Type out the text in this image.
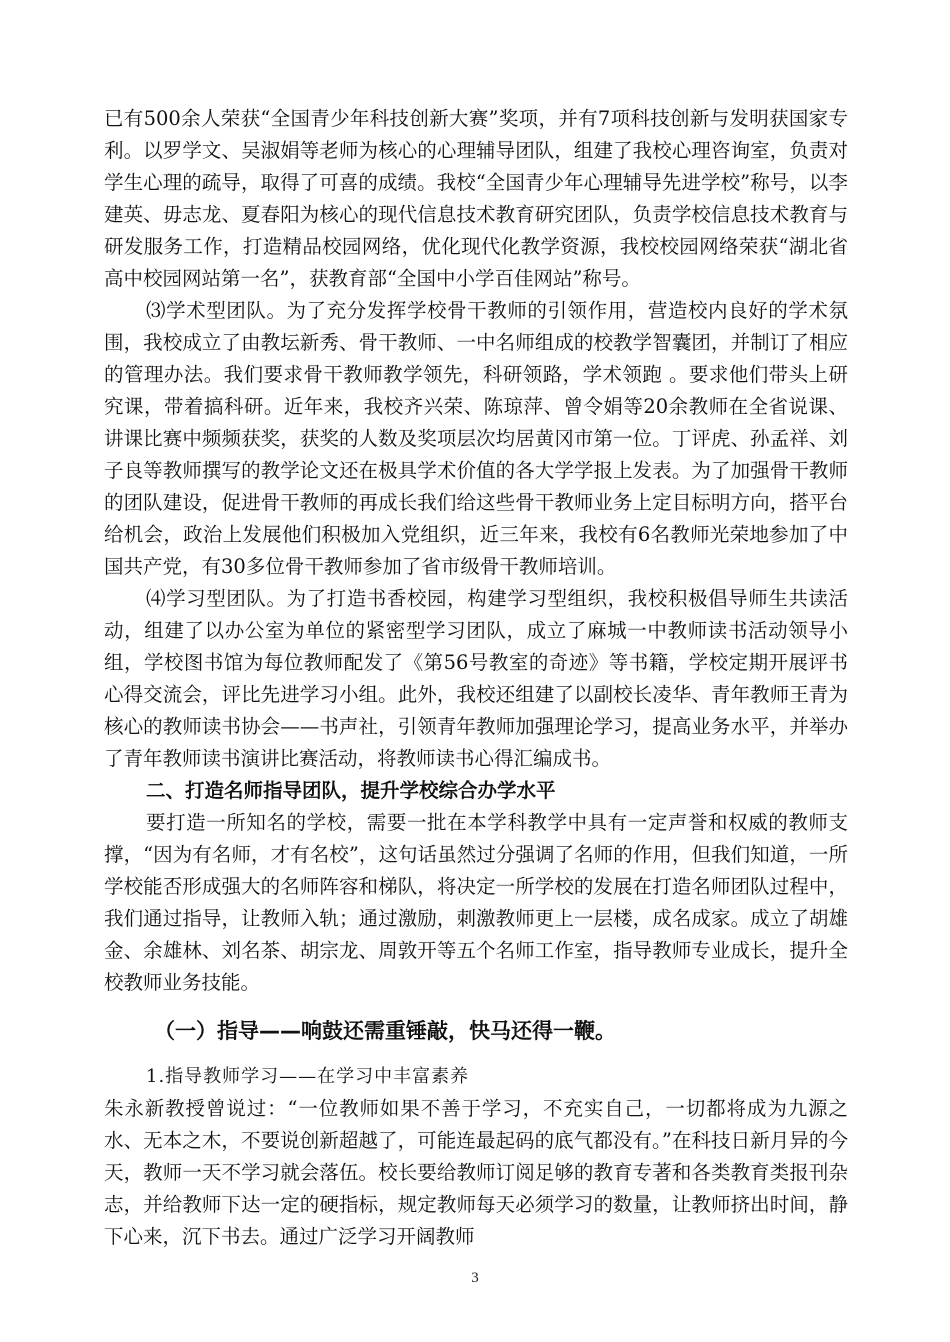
已有500余人荣获“全国青少年科技创新大赛”奖项，并有7项科技创新与发明获国家专利。以罗学文、吴淑娟等老师为核心的心理辅导团队，组建了我校心理咨询室，负责对学生心理的疏导，取得了可喜的成绩。我校“全国青少年心理辅导先进学校”称号，以李建英、毋志龙、夏春阳为核心的现代信息技术教育研究团队，负责学校信息技术教育与研发服务工作，打造精品校园网络，优化现代化教学资源，我校校园网络荣获“湖北省高中校园网站第一名”，获教育部“全国中小学百佳网站”称号。

⑶学术型团队。为了充分发挥学校骨干教师的引领作用，营造校内良好的学术氛围，我校成立了由教坛新秀、骨干教师、一中名师组成的校教学智囊团，并制订了相应的管理办法。我们要求骨干教师教学领先，科研领路，学术领跑 。要求他们带头上研究课，带着搞科研。近年来，我校齐兴荣、陈琼萍、曾令娟等20余教师在全省说课、讲课比赛中频频获奖，获奖的人数及奖项层次均居黄冈市第一位。丁评虎、孙孟祥、刘子良等教师撰写的教学论文还在极具学术价值的各大学学报上发表。为了加强骨干教师的团队建设，促进骨干教师的再成长我们给这些骨干教师业务上定目标明方向，搭平台给机会，政治上发展他们积极加入党组织，近三年来，我校有6名教师光荣地参加了中国共产党，有30多位骨干教师参加了省市级骨干教师培训。

⑷学习型团队。为了打造书香校园，构建学习型组织，我校积极倡导师生共读活动，组建了以办公室为单位的紧密型学习团队，成立了麻城一中教师读书活动领导小组，学校图书馆为每位教师配发了《第56号教室的奇迹》等书籍，学校定期开展评书心得交流会，评比先进学习小组。此外，我校还组建了以副校长凌华、青年教师王青为核心的教师读书协会——书声社，引领青年教师加强理论学习，提高业务水平，并举办了青年教师读书演讲比赛活动，将教师读书心得汇编成书。

二、打造名师指导团队，提升学校综合办学水平

要打造一所知名的学校，需要一批在本学科教学中具有一定声誉和权威的教师支撑，“因为有名师，才有名校”，这句话虽然过分强调了名师的作用，但我们知道，一所学校能否形成强大的名师阵容和梯队，将决定一所学校的发展在打造名师团队过程中，我们通过指导，让教师入轨；通过激励，刺激教师更上一层楼，成名成家。成立了胡雄金、余雄林、刘名茶、胡宗龙、周敦开等五个名师工作室，指导教师专业成长，提升全校教师业务技能。

（一）指导——响鼓还需重锤敲，快马还得一鞭。

1.指导教师学习——在学习中丰富素养

朱永新教授曾说过：“一位教师如果不善于学习，不充实自己，一切都将成为九源之水、无本之木，不要说创新超越了，可能连最起码的底气都没有。”在科技日新月异的今天，教师一天不学习就会落伍。校长要给教师订阅足够的教育专著和各类教育类报刊杂志，并给教师下达一定的硬指标，规定教师每天必须学习的数量，让教师挤出时间，静下心来，沉下书去。通过广泛学习开阔教师

3
